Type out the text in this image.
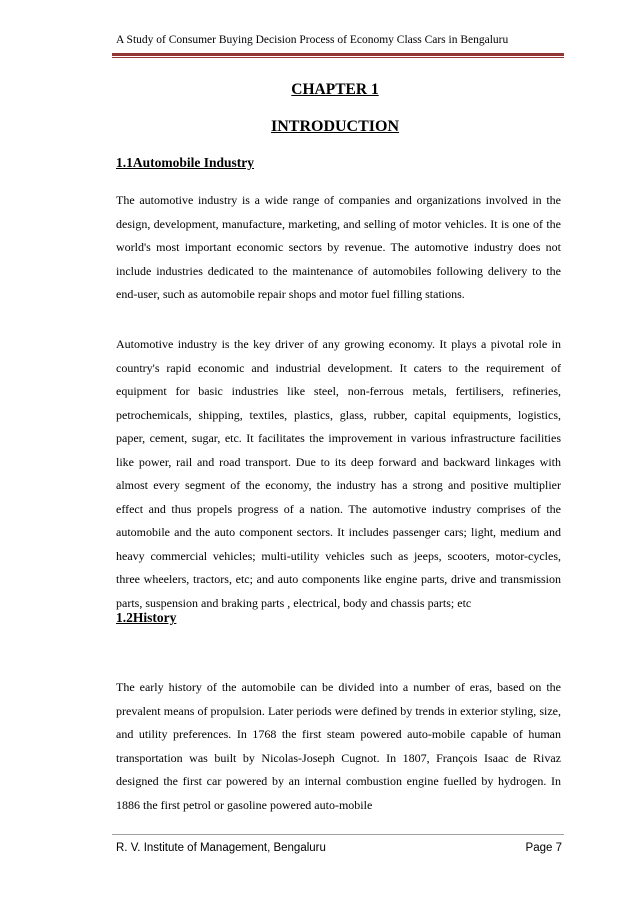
A Study of Consumer Buying Decision Process of Economy Class Cars in Bengaluru
CHAPTER 1
INTRODUCTION
1.1Automobile Industry
The automotive industry is a wide range of companies and organizations involved in the design, development, manufacture, marketing, and selling of motor vehicles. It is one of the world's most important economic sectors by revenue. The automotive industry does not include industries dedicated to the maintenance of automobiles following delivery to the end-user, such as automobile repair shops and motor fuel filling stations.
Automotive industry is the key driver of any growing economy. It plays a pivotal role in country's rapid economic and industrial development. It caters to the requirement of equipment for basic industries like steel, non-ferrous metals, fertilisers, refineries, petrochemicals, shipping, textiles, plastics, glass, rubber, capital equipments, logistics, paper, cement, sugar, etc. It facilitates the improvement in various infrastructure facilities like power, rail and road transport. Due to its deep forward and backward linkages with almost every segment of the economy, the industry has a strong and positive multiplier effect and thus propels progress of a nation. The automotive industry comprises of the automobile and the auto component sectors. It includes passenger cars; light, medium and heavy commercial vehicles; multi-utility vehicles such as jeeps, scooters, motor-cycles, three wheelers, tractors, etc; and auto components like engine parts, drive and transmission parts, suspension and braking parts , electrical, body and chassis parts; etc
1.2History
The early history of the automobile can be divided into a number of eras, based on the prevalent means of propulsion. Later periods were defined by trends in exterior styling, size, and utility preferences. In 1768 the first steam powered auto-mobile capable of human transportation was built by Nicolas-Joseph Cugnot. In 1807, François Isaac de Rivaz designed the first car powered by an internal combustion engine fuelled by hydrogen. In 1886 the first petrol or gasoline powered auto-mobile
R. V. Institute of Management, Bengaluru	Page 7
